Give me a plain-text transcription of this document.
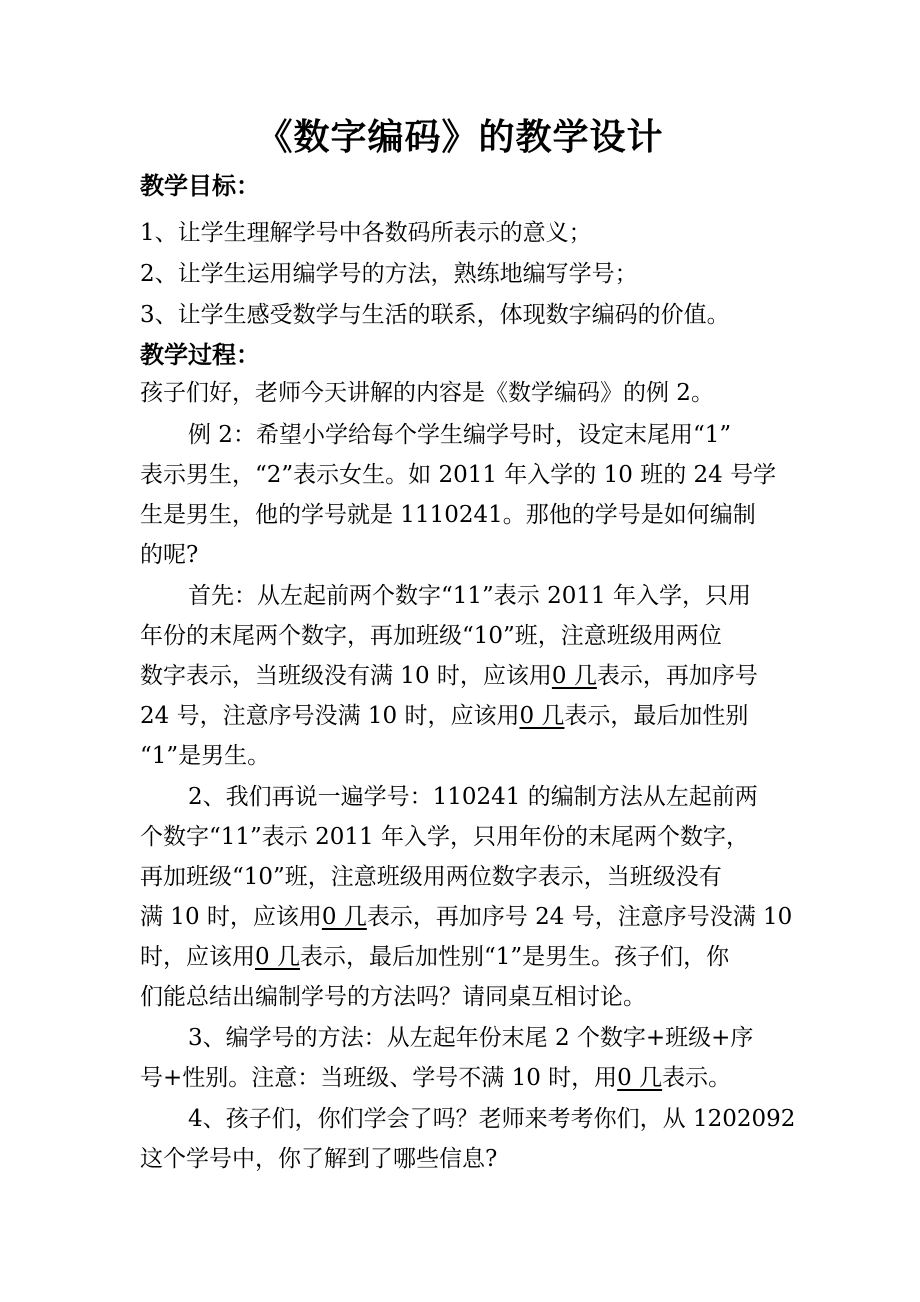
《数字编码》的教学设计

教学目标：

1、让学生理解学号中各数码所表示的意义；

2、让学生运用编学号的方法，熟练地编写学号；

3、让学生感受数学与生活的联系，体现数字编码的价值。

教学过程：

孩子们好，老师今天讲解的内容是《数学编码》的例 2。

例 2：希望小学给每个学生编学号时，设定末尾用“1”

表示男生，“2”表示女生。如 2011 年入学的 10 班的 24 号学

生是男生，他的学号就是 1110241。那他的学号是如何编制

的呢?

首先：从左起前两个数字“11”表示 2011 年入学，只用

年份的末尾两个数字，再加班级“10”班，注意班级用两位

数字表示，当班级没有满 10 时，应该用0 几表示，再加序号

24 号，注意序号没满 10 时，应该用0 几表示，最后加性别

“1”是男生。

2、我们再说一遍学号：110241 的编制方法从左起前两

个数字“11”表示 2011 年入学，只用年份的末尾两个数字，

再加班级“10”班，注意班级用两位数字表示，当班级没有

满 10 时，应该用0 几表示，再加序号 24 号，注意序号没满 10

时，应该用0 几表示，最后加性别“1”是男生。孩子们，你

们能总结出编制学号的方法吗？请同桌互相讨论。

3、编学号的方法：从左起年份末尾 2 个数字+班级+序

号+性别。注意：当班级、学号不满 10 时，用0 几表示。

4、孩子们，你们学会了吗？老师来考考你们，从 1202092

这个学号中，你了解到了哪些信息?
